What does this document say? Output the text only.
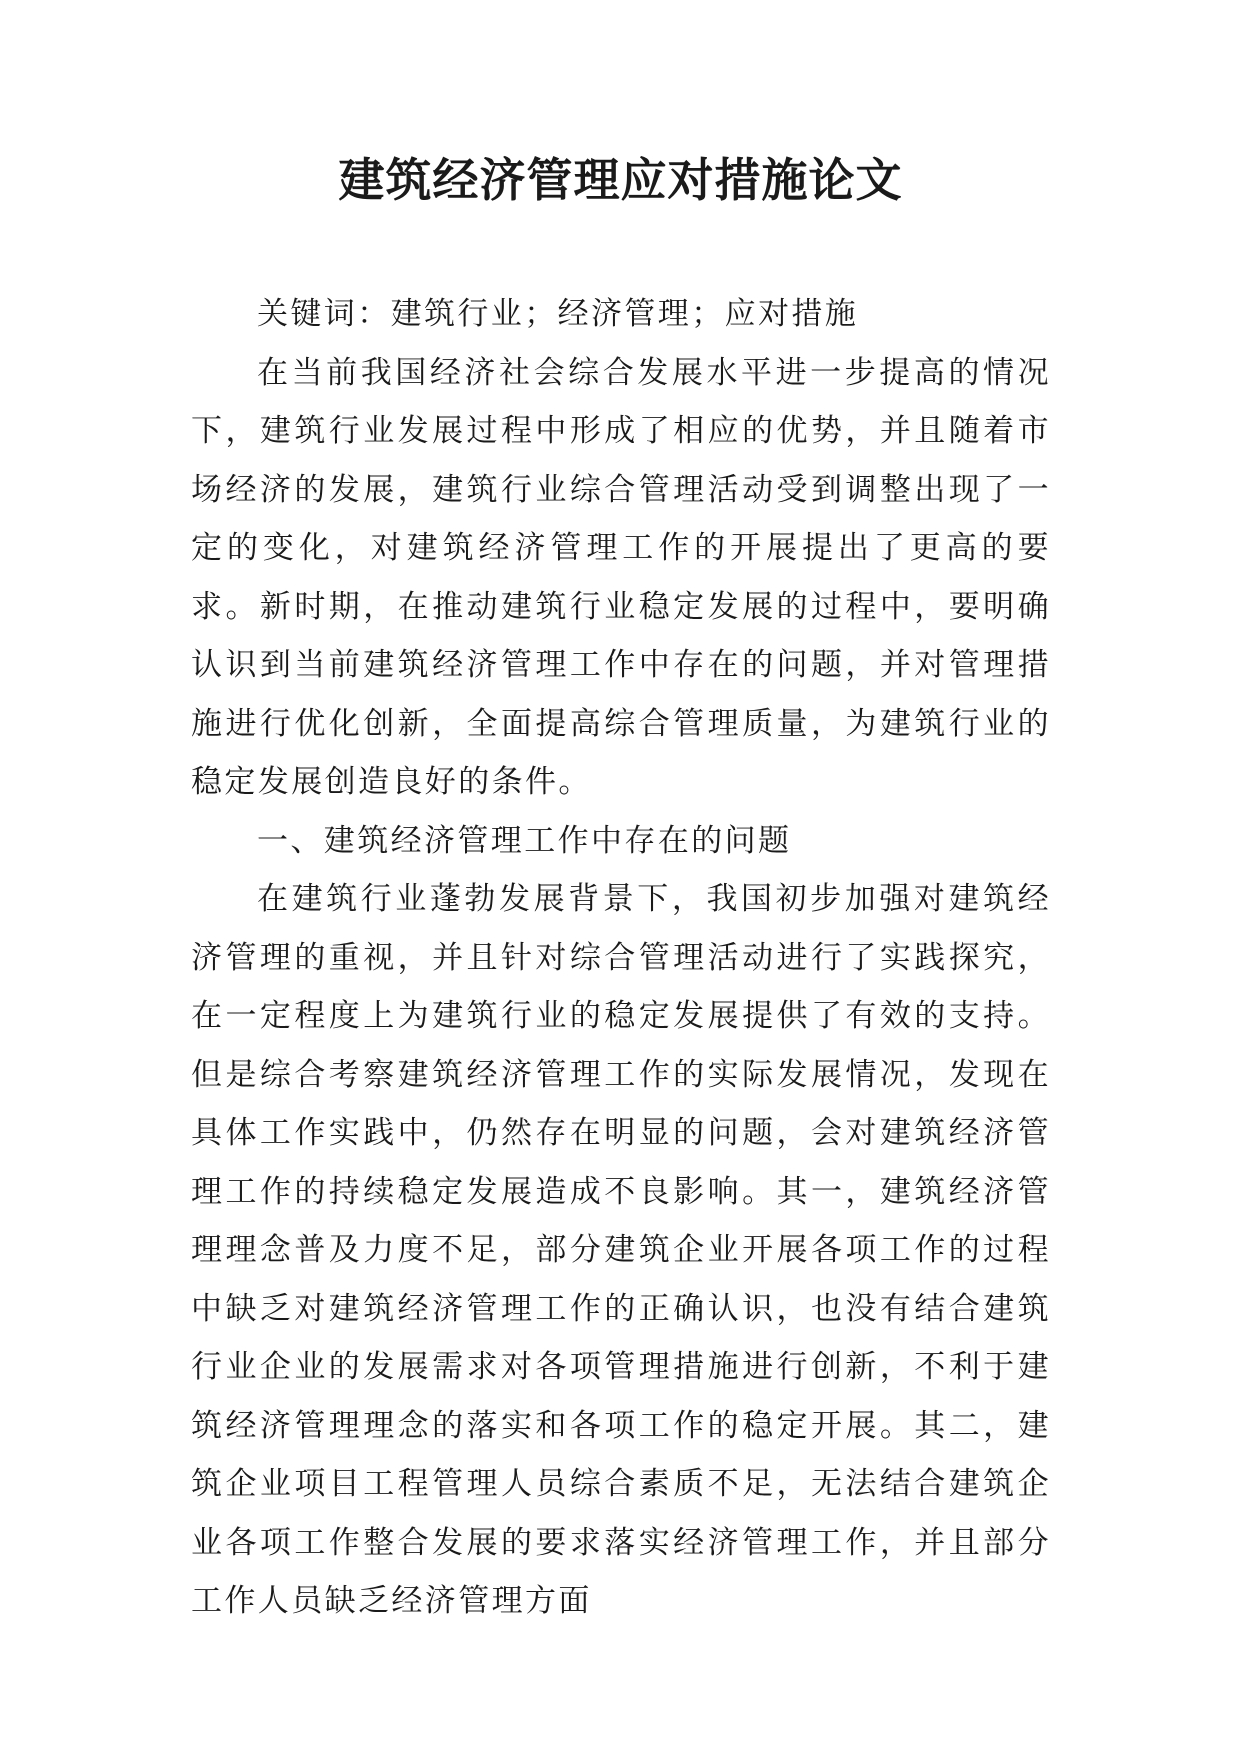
建筑经济管理应对措施论文

关键词：建筑行业；经济管理；应对措施

在当前我国经济社会综合发展水平进一步提高的情况下，建筑行业发展过程中形成了相应的优势，并且随着市场经济的发展，建筑行业综合管理活动受到调整出现了一定的变化，对建筑经济管理工作的开展提出了更高的要求。新时期，在推动建筑行业稳定发展的过程中，要明确认识到当前建筑经济管理工作中存在的问题，并对管理措施进行优化创新，全面提高综合管理质量，为建筑行业的稳定发展创造良好的条件。

一、建筑经济管理工作中存在的问题

在建筑行业蓬勃发展背景下，我国初步加强对建筑经济管理的重视，并且针对综合管理活动进行了实践探究，在一定程度上为建筑行业的稳定发展提供了有效的支持。但是综合考察建筑经济管理工作的实际发展情况，发现在具体工作实践中，仍然存在明显的问题，会对建筑经济管理工作的持续稳定发展造成不良影响。其一，建筑经济管理理念普及力度不足，部分建筑企业开展各项工作的过程中缺乏对建筑经济管理工作的正确认识，也没有结合建筑行业企业的发展需求对各项管理措施进行创新，不利于建筑经济管理理念的落实和各项工作的稳定开展。其二，建筑企业项目工程管理人员综合素质不足，无法结合建筑企业各项工作整合发展的要求落实经济管理工作，并且部分工作人员缺乏经济管理方面
